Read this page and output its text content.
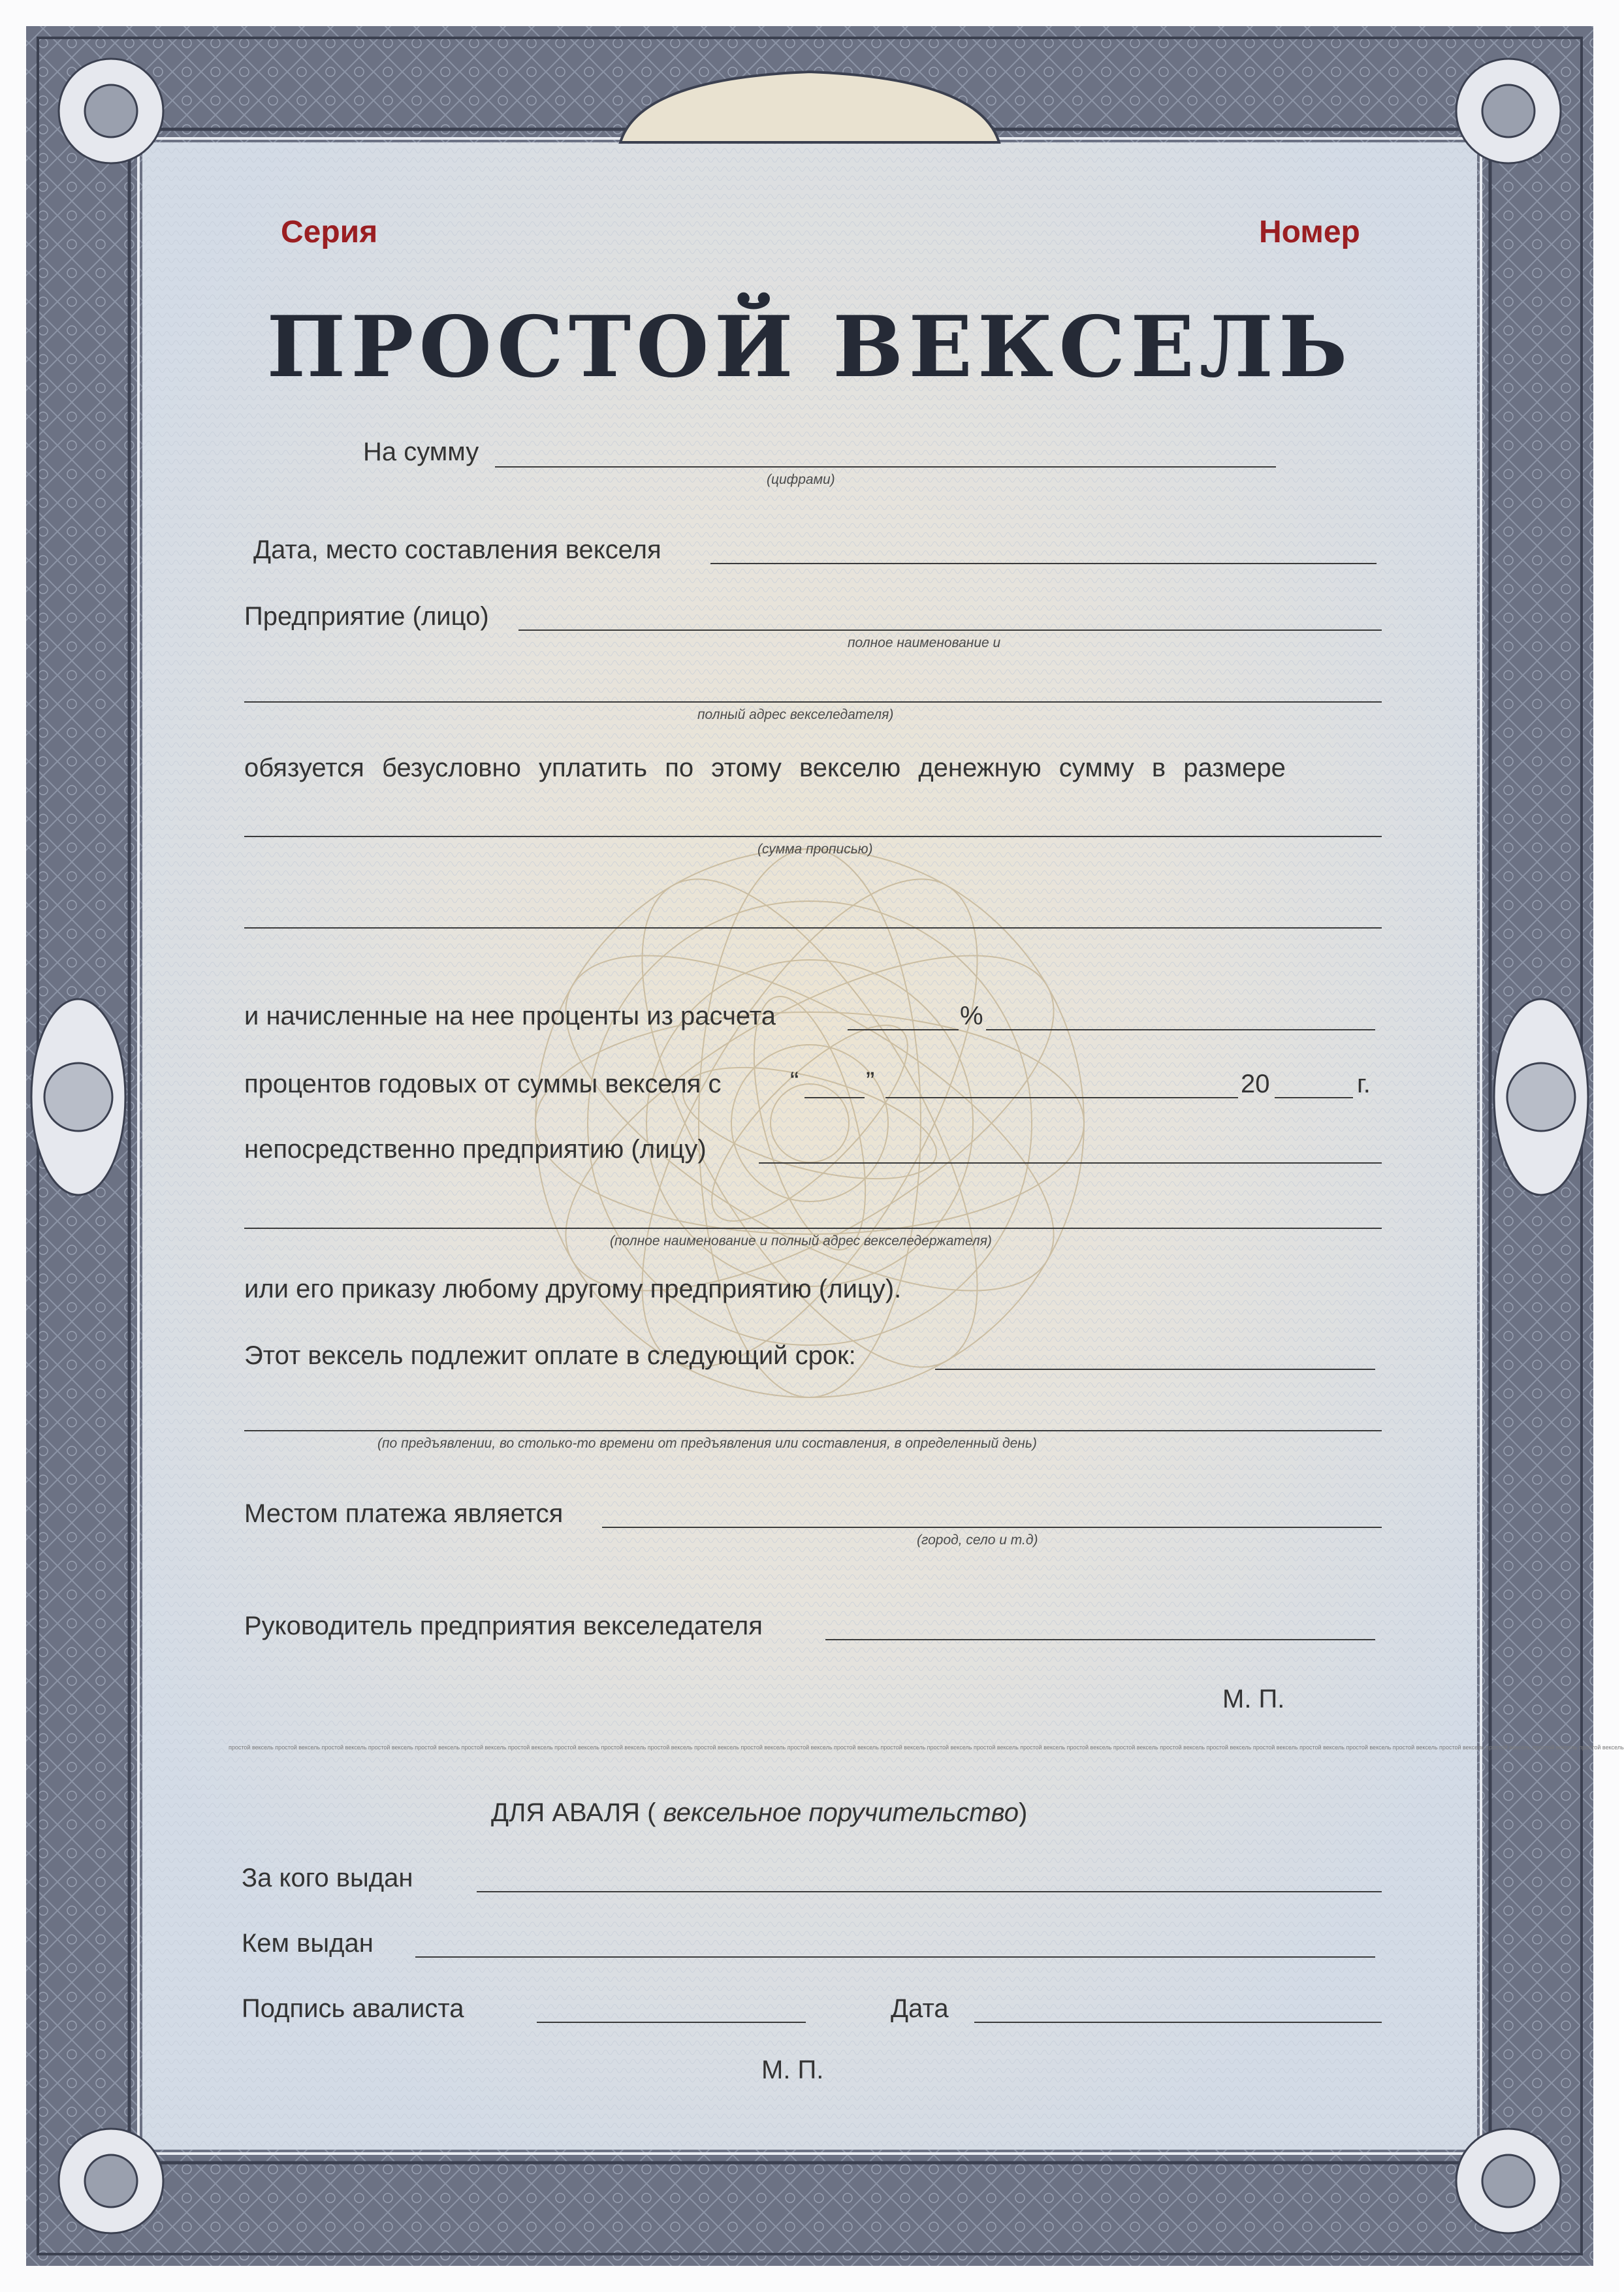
Серия	Номер
ПРОСТОЙ ВЕКСЕЛЬ
На сумму
(цифрами)
Дата, место составления векселя
Предприятие (лицо)
полное наименование и
полный адрес векселедателя)
обязуется безусловно уплатить по этому векселю денежную сумму в размере
(сумма прописью)
и начисленные на нее проценты из расчета	%
процентов годовых от суммы векселя с	“	”	20	г.
непосредственно предприятию (лицу)
(полное наименование и полный адрес векселедержателя)
или его приказу любому другому предприятию (лицу).
Этот вексель подлежит оплате в следующий срок:
(по предъявлении, во столько-то времени от предъявления или составления, в определенный день)
Местом платежа является
(город, село и т.д)
Руководитель предприятия векселедателя
М. П.
простой вексель простой вексель простой вексель простой вексель простой вексель простой вексель простой вексель простой вексель простой вексель простой вексель простой вексель простой вексель простой вексель простой вексель простой вексель простой вексель простой вексель простой вексель простой вексель простой вексель простой вексель простой вексель простой вексель простой вексель простой вексель простой вексель простой вексель простой вексель простой вексель простой вексель
ДЛЯ АВАЛЯ ( вексельное поручительство)
За кого выдан
Кем выдан
Подпись авалиста	Дата
М. П.
